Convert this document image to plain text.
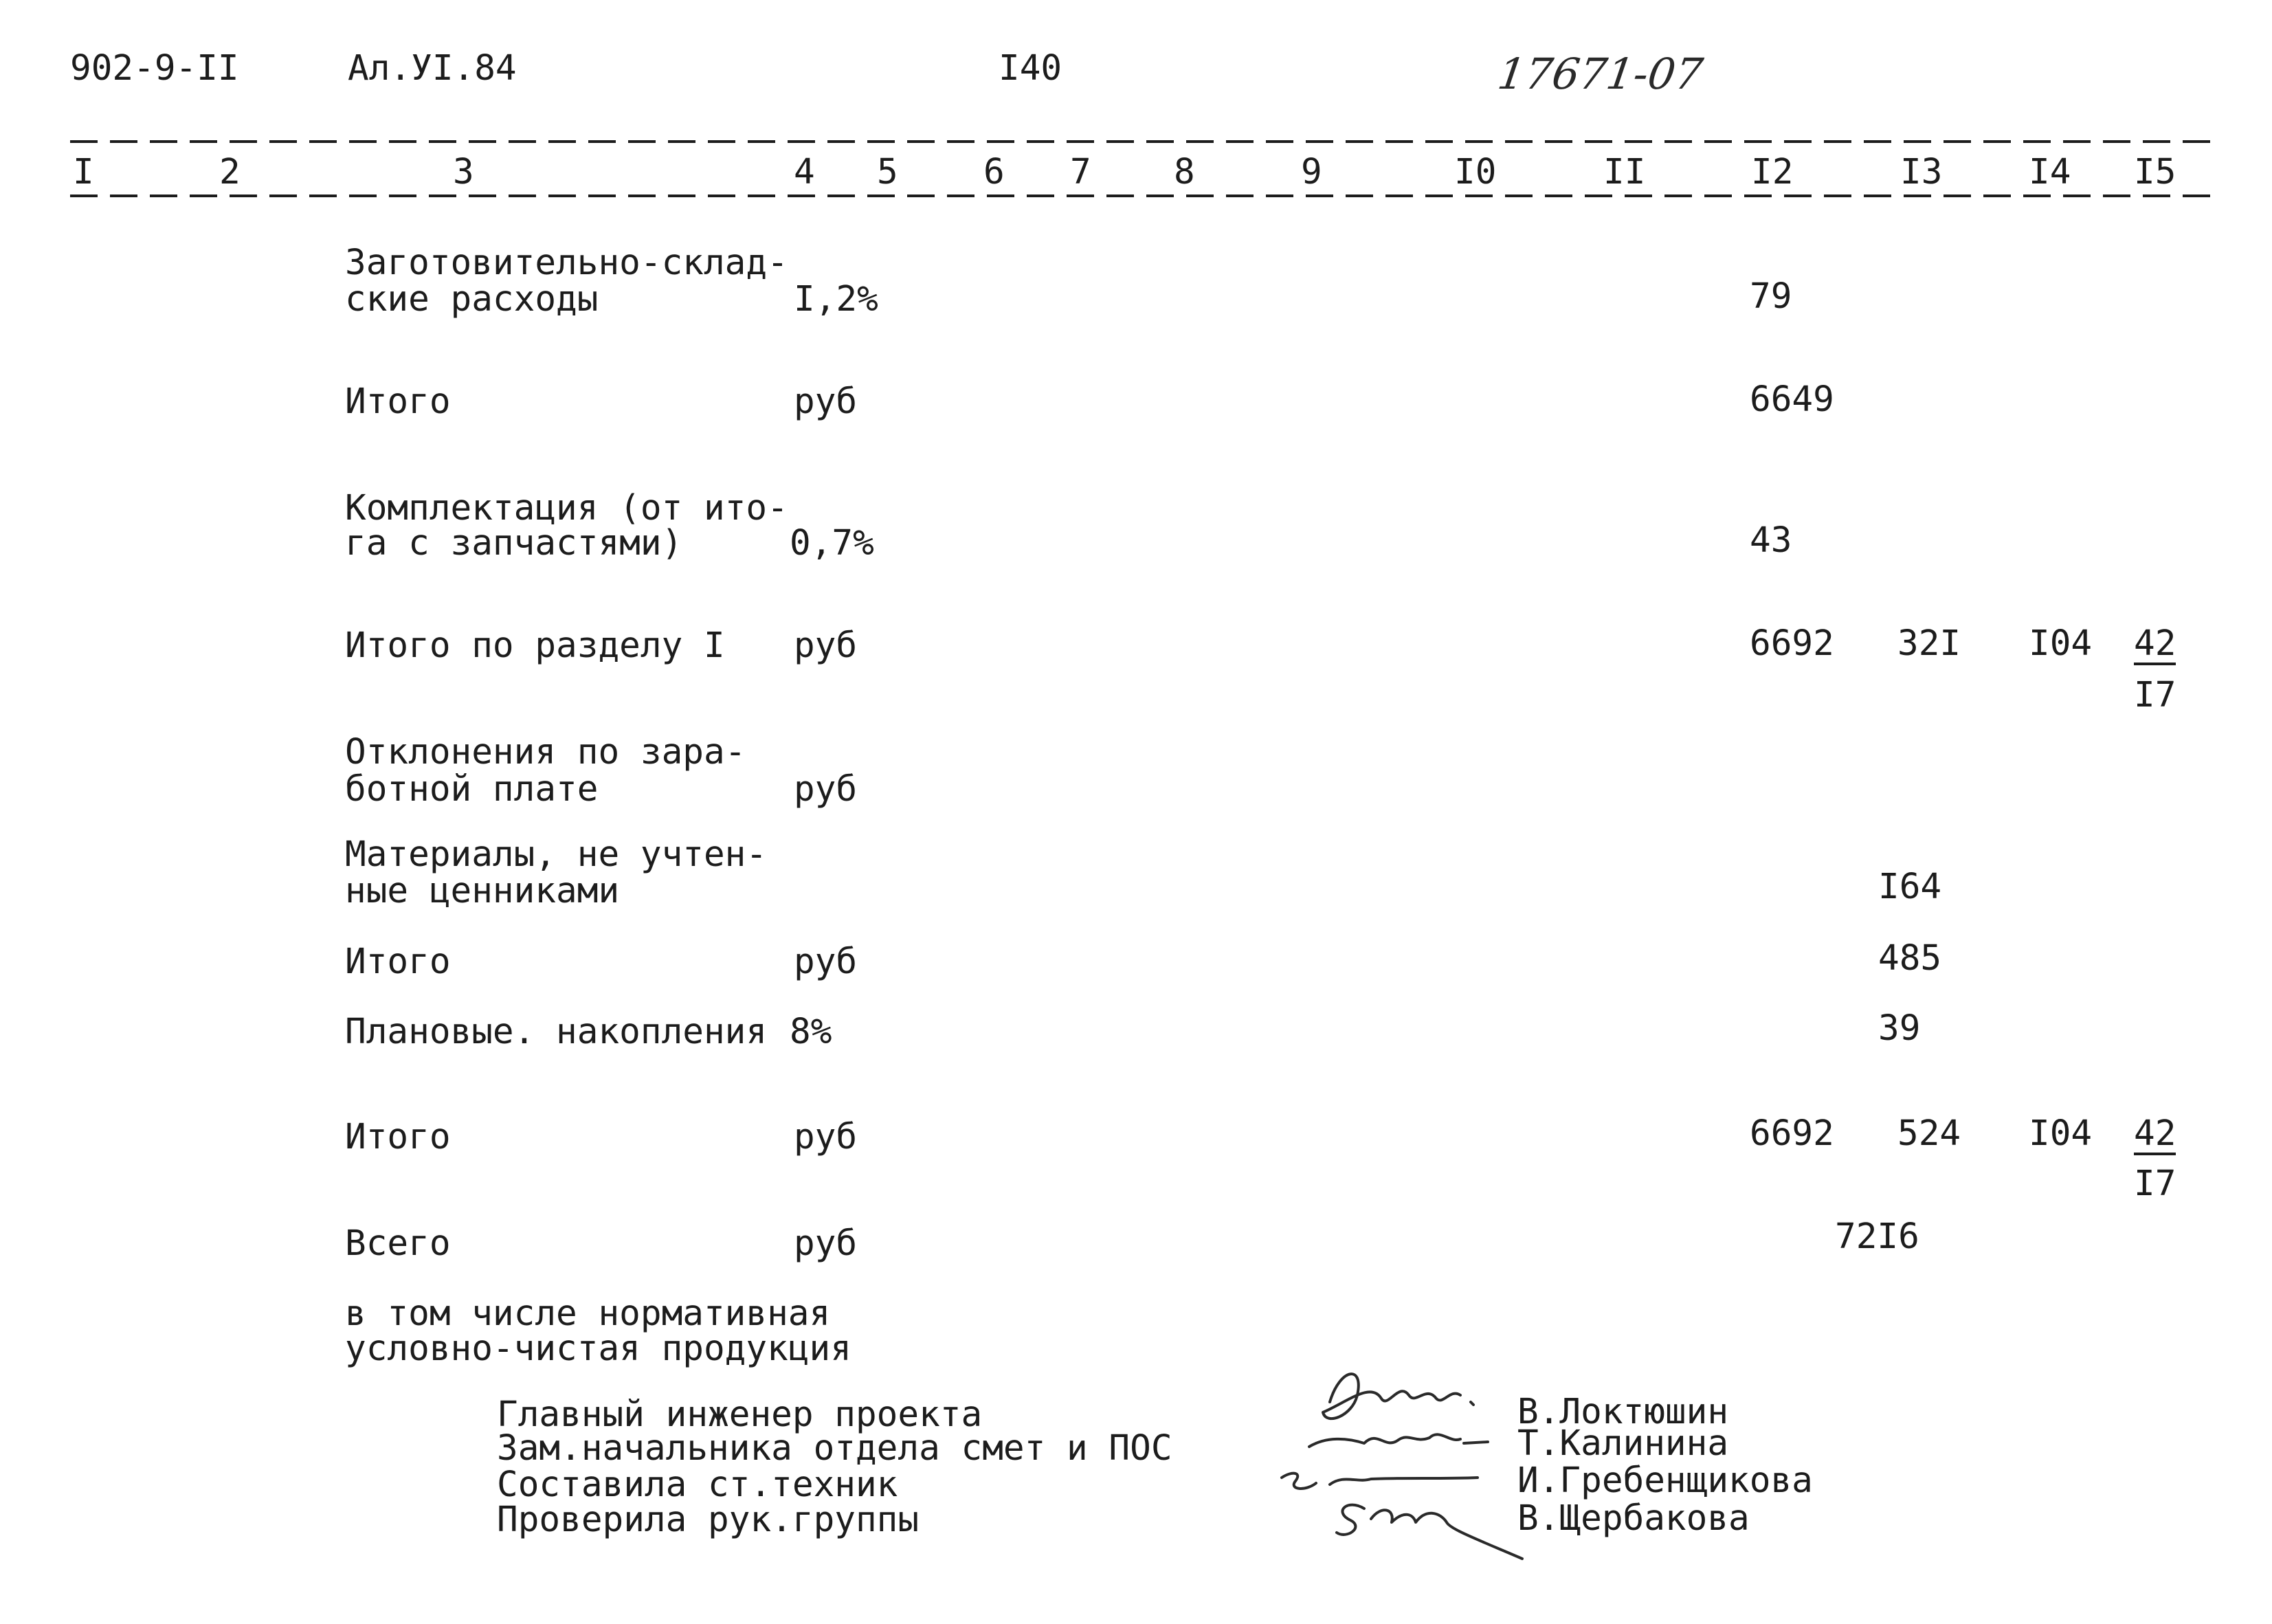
902-9-II	Ал.УI.84	I40	17671-07
I	2	3	4 5 6 7 8	9	I0	II	I2	I3 I4 I5
Заготовительно-склад-
ские расходы	I,2%	79
Итого	руб	6649
Комплектация (от ито-
га с запчастями)	0,7%	43
Итого по разделу I руб	6692 32I I04 42
I7
Отклонения по зара-
ботной плате	руб
Материалы, не учтен-
ные ценниками	I64
Итого	руб	485
Плановые. накопления 8%	39
Итого	руб	6692 524 I04 42
I7
Всего	руб	72I6
в том числе нормативная
условно-чистая продукция
Главный инженер проекта
Зам.начальника отдела смет и ПОС
Составила ст.техник
Проверила рук.группы
В.Локтюшин
Т.Калинина
И.Гребенщикова
В.Щербакова
